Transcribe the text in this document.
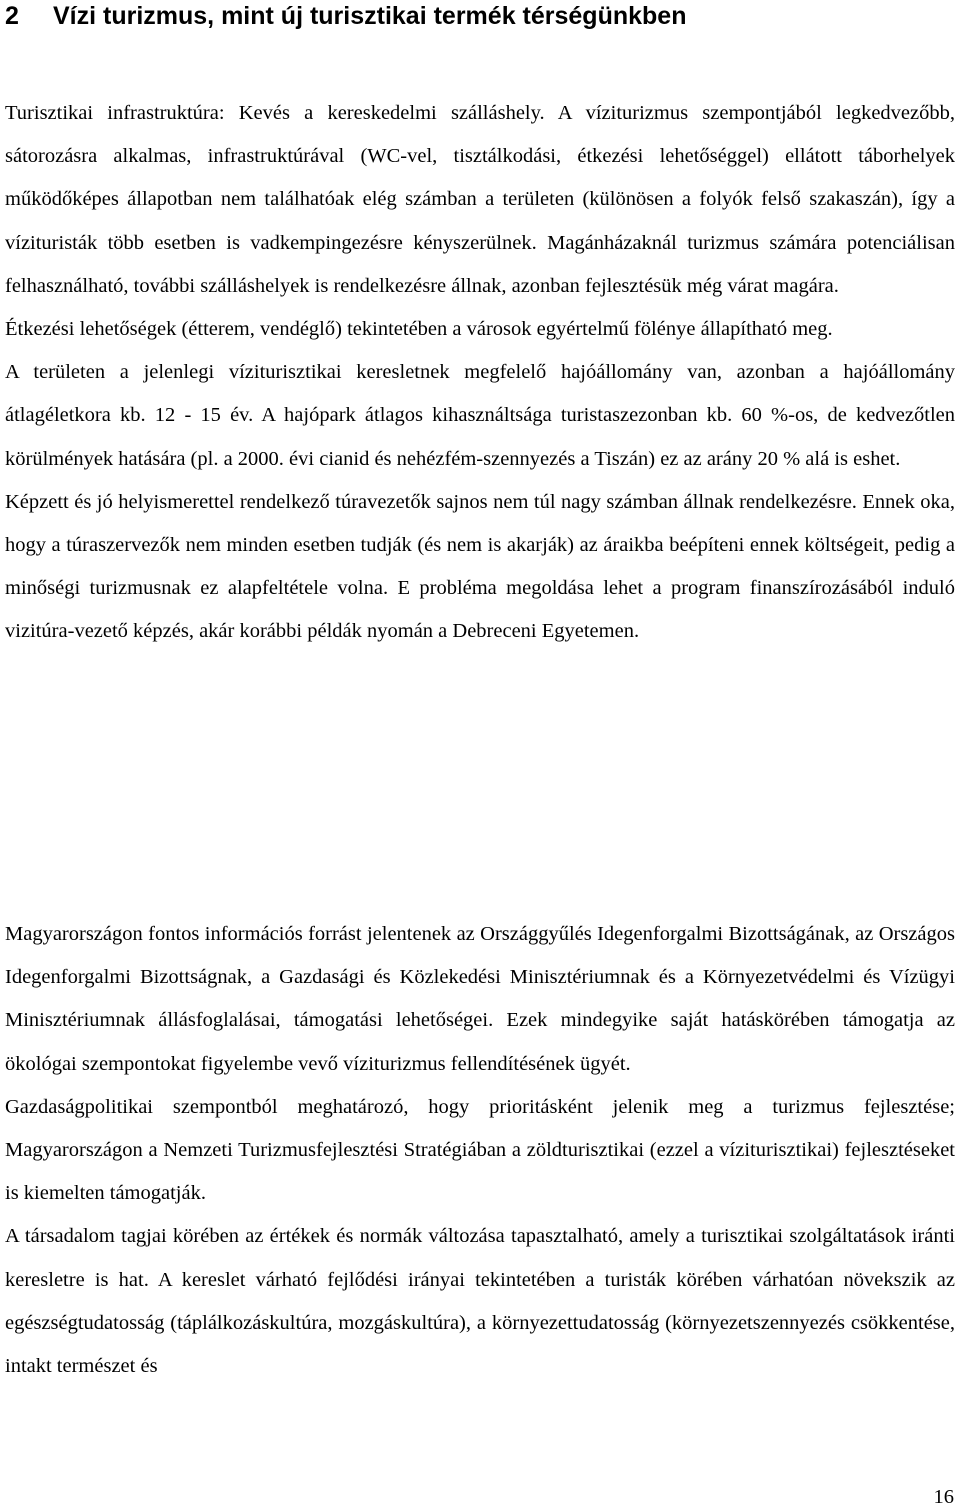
2 Vízi turizmus, mint új turisztikai termék térségünkben

Turisztikai infrastruktúra: Kevés a kereskedelmi szálláshely. A víziturizmus szempontjából legkedvezőbb, sátorozásra alkalmas, infrastruktúrával (WC-vel, tisztálkodási, étkezési lehetőséggel) ellátott táborhelyek működőképes állapotban nem találhatóak elég számban a területen (különösen a folyók felső szakaszán), így a vízituristák több esetben is vadkempingezésre kényszerülnek. Magánházaknál turizmus számára potenciálisan felhasználható, további szálláshelyek is rendelkezésre állnak, azonban fejlesztésük még várat magára.

Étkezési lehetőségek (étterem, vendéglő) tekintetében a városok egyértelmű fölénye állapítható meg.

A területen a jelenlegi víziturisztikai keresletnek megfelelő hajóállomány van, azonban a hajóállomány átlagéletkora kb. 12 - 15 év. A hajópark átlagos kihasználtsága turistaszezonban kb. 60 %-os, de kedvezőtlen körülmények hatására (pl. a 2000. évi cianid és nehézfém-szennyezés a Tiszán) ez az arány 20 % alá is eshet.

Képzett és jó helyismerettel rendelkező túravezetők sajnos nem túl nagy számban állnak rendelkezésre. Ennek oka, hogy a túraszervezők nem minden esetben tudják (és nem is akarják) az áraikba beépíteni ennek költségeit, pedig a minőségi turizmusnak ez alapfeltétele volna. E probléma megoldása lehet a program finanszírozásából induló vizitúra-vezető képzés, akár korábbi példák nyomán a Debreceni Egyetemen.

Magyarországon fontos információs forrást jelentenek az Országgyűlés Idegenforgalmi Bizottságának, az Országos Idegenforgalmi Bizottságnak, a Gazdasági és Közlekedési Minisztériumnak és a Környezetvédelmi és Vízügyi Minisztériumnak állásfoglalásai, támogatási lehetőségei. Ezek mindegyike saját hatáskörében támogatja az ökológai szempontokat figyelembe vevő víziturizmus fellendítésének ügyét.

Gazdaságpolitikai szempontból meghatározó, hogy prioritásként jelenik meg a turizmus fejlesztése; Magyarországon a Nemzeti Turizmusfejlesztési Stratégiában a zöldturisztikai (ezzel a víziturisztikai) fejlesztéseket is kiemelten támogatják.

A társadalom tagjai körében az értékek és normák változása tapasztalható, amely a turisztikai szolgáltatások iránti keresletre is hat. A kereslet várható fejlődési irányai tekintetében a turisták körében várhatóan növekszik az egészségtudatosság (táplálkozáskultúra, mozgáskultúra), a környezettudatosság (környezetszennyezés csökkentése, intakt természet és

16
